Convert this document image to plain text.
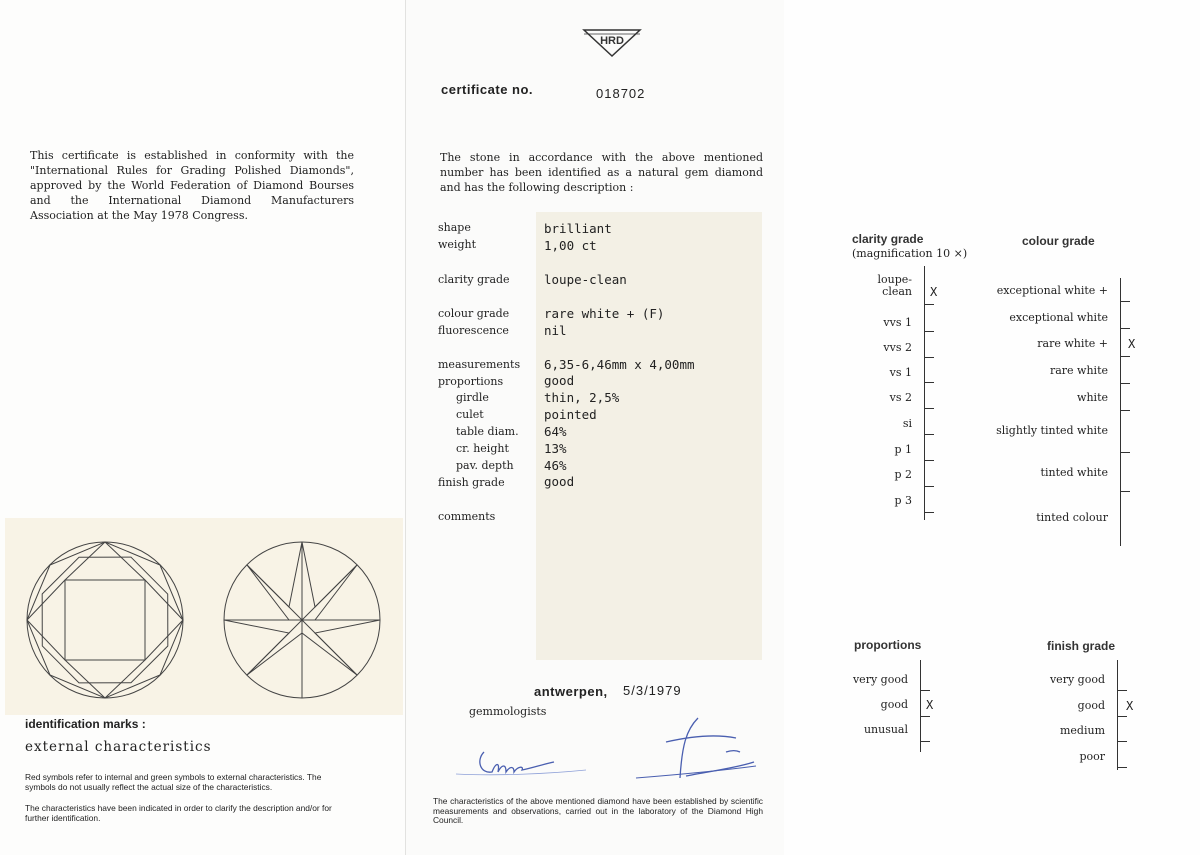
This certificate is established in conformity with the "International Rules for Grading Polished Diamonds", approved by the World Federation of Diamond Bourses and the International Diamond Manufacturers Association at the May 1978 Congress.
identification marks :
external characteristics
Red symbols refer to internal and green symbols to external characteristics. The symbols do not usually reflect the actual size of the characteristics.
The characteristics have been indicated in order to clarify the description and/or for further identification.
HRD
certificate no.	018702
The stone in accordance with the above mentioned number has been identified as a natural gem diamond and has the following description :
shape	brilliant
weight	1,00 ct
clarity grade	loupe-clean
colour grade	rare white + (F)
fluorescence	nil
measurements 6,35-6,46mm x 4,00mm
proportions	good
girdle	thin, 2,5%
culet	pointed
table diam. 64%
cr. height	13%
pav. depth 46%
finish grade	good
comments
antwerpen, 5/3/1979
gemmologists
The characteristics of the above mentioned diamond have been established by scientific measurements and observations, carried out in the laboratory of the Diamond High Council.
clarity grade
(magnification 10 ×)
loupe-
clean X
vvs 1
vvs 2
vs 1
vs 2
si
p 1
p 2
p 3
colour grade
exceptional white +
exceptional white
rare white + X
rare white
white
slightly tinted white
tinted white
tinted colour
proportions
very good
good X
unusual
finish grade
very good
good X
medium
poor
